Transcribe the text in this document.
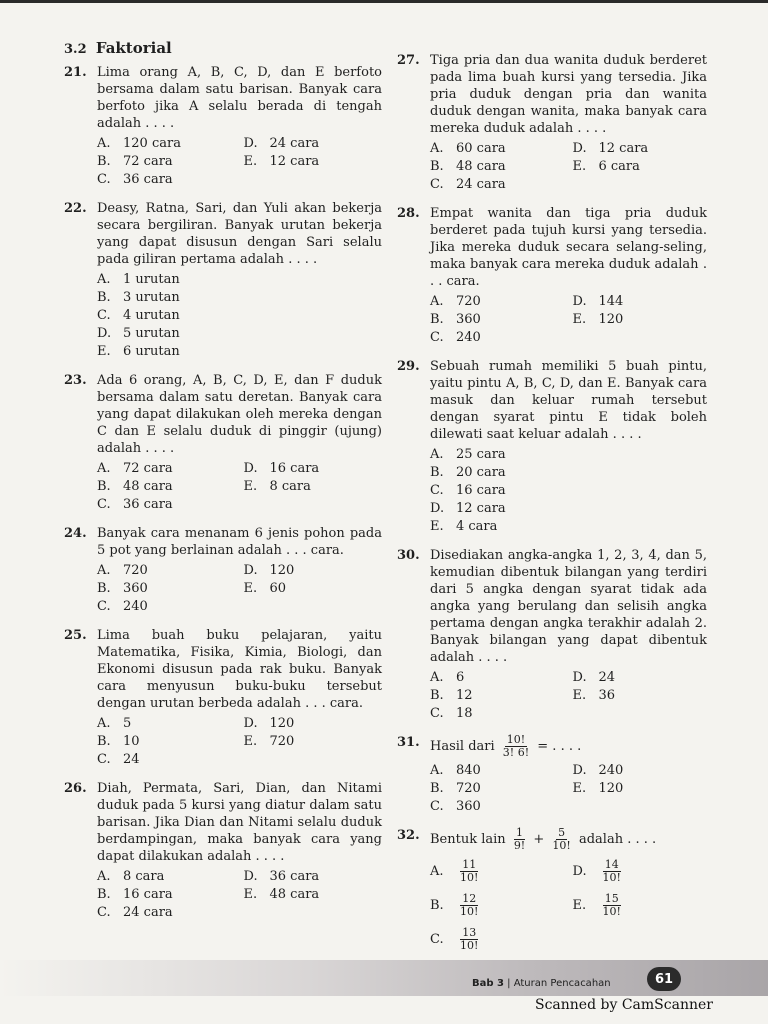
3.2 Faktorial
21. Lima orang A, B, C, D, dan E berfoto bersama dalam satu barisan. Banyak cara berfoto jika A selalu berada di tengah adalah . . . .
A. 120 cara	D. 24 cara
B. 72 cara	E. 12 cara
C. 36 cara
22. Deasy, Ratna, Sari, dan Yuli akan bekerja secara bergiliran. Banyak urutan bekerja yang dapat disusun dengan Sari selalu pada giliran pertama adalah . . . .
A. 1 urutan
B. 3 urutan
C. 4 urutan
D. 5 urutan
E. 6 urutan
23. Ada 6 orang, A, B, C, D, E, dan F duduk bersama dalam satu deretan. Banyak cara yang dapat dilakukan oleh mereka dengan C dan E selalu duduk di pinggir (ujung) adalah . . . .
A. 72 cara	D. 16 cara
B. 48 cara	E. 8 cara
C. 36 cara
24. Banyak cara menanam 6 jenis pohon pada 5 pot yang berlainan adalah . . . cara.
A. 720	D. 120
B. 360	E. 60
C. 240
25. Lima buah buku pelajaran, yaitu Matematika, Fisika, Kimia, Biologi, dan Ekonomi disusun pada rak buku. Banyak cara menyusun buku-buku tersebut dengan urutan berbeda adalah . . . cara.
A. 5	D. 120
B. 10	E. 720
C. 24
26. Diah, Permata, Sari, Dian, dan Nitami duduk pada 5 kursi yang diatur dalam satu barisan. Jika Dian dan Nitami selalu duduk berdampingan, maka banyak cara yang dapat dilakukan adalah . . . .
A. 8 cara	D. 36 cara
B. 16 cara	E. 48 cara
C. 24 cara
27. Tiga pria dan dua wanita duduk berderet pada lima buah kursi yang tersedia. Jika pria duduk dengan pria dan wanita duduk dengan wanita, maka banyak cara mereka duduk adalah . . . .
A. 60 cara	D. 12 cara
B. 48 cara	E. 6 cara
C. 24 cara
28. Empat wanita dan tiga pria duduk berderet pada tujuh kursi yang tersedia. Jika mereka duduk secara selang-seling, maka banyak cara mereka duduk adalah . . . cara.
A. 720	D. 144
B. 360	E. 120
C. 240
29. Sebuah rumah memiliki 5 buah pintu, yaitu pintu A, B, C, D, dan E. Banyak cara masuk dan keluar rumah tersebut dengan syarat pintu E tidak boleh dilewati saat keluar adalah . . . .
A. 25 cara
B. 20 cara
C. 16 cara
D. 12 cara
E. 4 cara
30. Disediakan angka-angka 1, 2, 3, 4, dan 5, kemudian dibentuk bilangan yang terdiri dari 5 angka dengan syarat tidak ada angka yang berulang dan selisih angka pertama dengan angka terakhir adalah 2. Banyak bilangan yang dapat dibentuk adalah . . . .
A. 6	D. 24
B. 12	E. 36
C. 18
31. Hasil dari $\frac{10!}{3! 6!}$ = . . . .
A. 840	D. 240
B. 720	E. 120
C. 360
32. Bentuk lain $\frac{1}{9!} + \frac{5}{10!}$ adalah . . . .
A.	$\frac{11}{10!}$	D.	$\frac{14}{10!}$
B.	$\frac{12}{10!}$	E.	$\frac{15}{10!}$
C.	$\frac{13}{10!}$
Bab 3 | Aturan Pencacahan	61
Scanned by CamScanner
